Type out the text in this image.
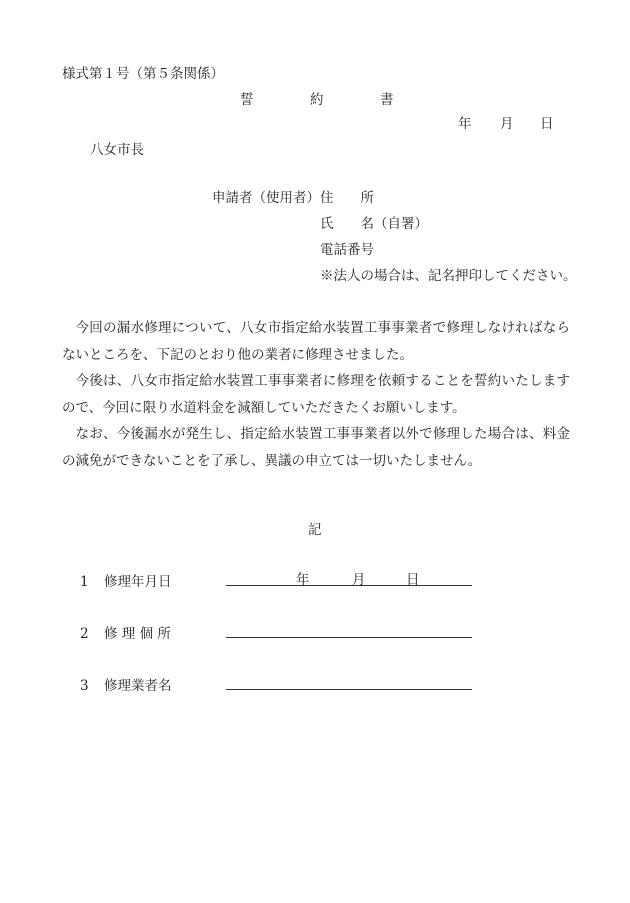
様式第１号（第５条関係）
誓	約	書
年 月 日
八女市長
申請者（使用者） 住　　所
氏　　名（自署）
電話番号
※法人の場合は、記名押印してください。

今回の漏水修理について、八女市指定給水装置工事事業者で修理しなければならないところを、下記のとおり他の業者に修理させました。

今後は、八女市指定給水装置工事事業者に修理を依頼することを誓約いたしますので、今回に限り水道料金を減額していただきたくお願いします。

なお、今後漏水が発生し、指定給水装置工事事業者以外で修理した場合は、料金の減免ができないことを了承し、異議の申立ては一切いたしません。

記
1 修理年月日	年	月	日
2 修 理 個 所
3 修理業者名
